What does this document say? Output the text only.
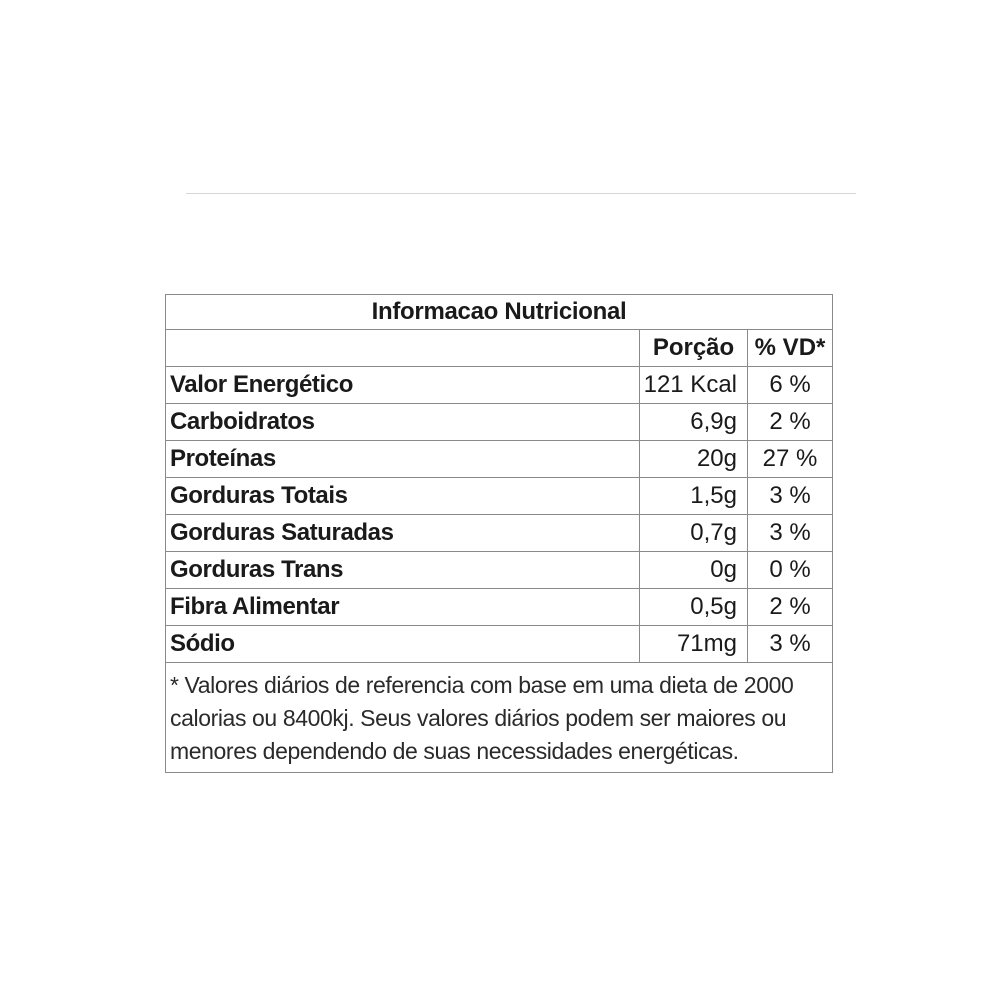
Informacao Nutricional		
	Porção	% VD*
Valor Energético	121 Kcal	6 %
Carboidratos	6,9g	2 %
Proteínas	20g	27 %
Gorduras Totais	1,5g	3 %
Gorduras Saturadas	0,7g	3 %
Gorduras Trans	0g	0 %
Fibra Alimentar	0,5g	2 %
Sódio	71mg	3 %

* Valores diários de referencia com base em uma dieta de 2000
calorias ou 8400kj. Seus valores diários podem ser maiores ou
menores dependendo de suas necessidades energéticas.		
